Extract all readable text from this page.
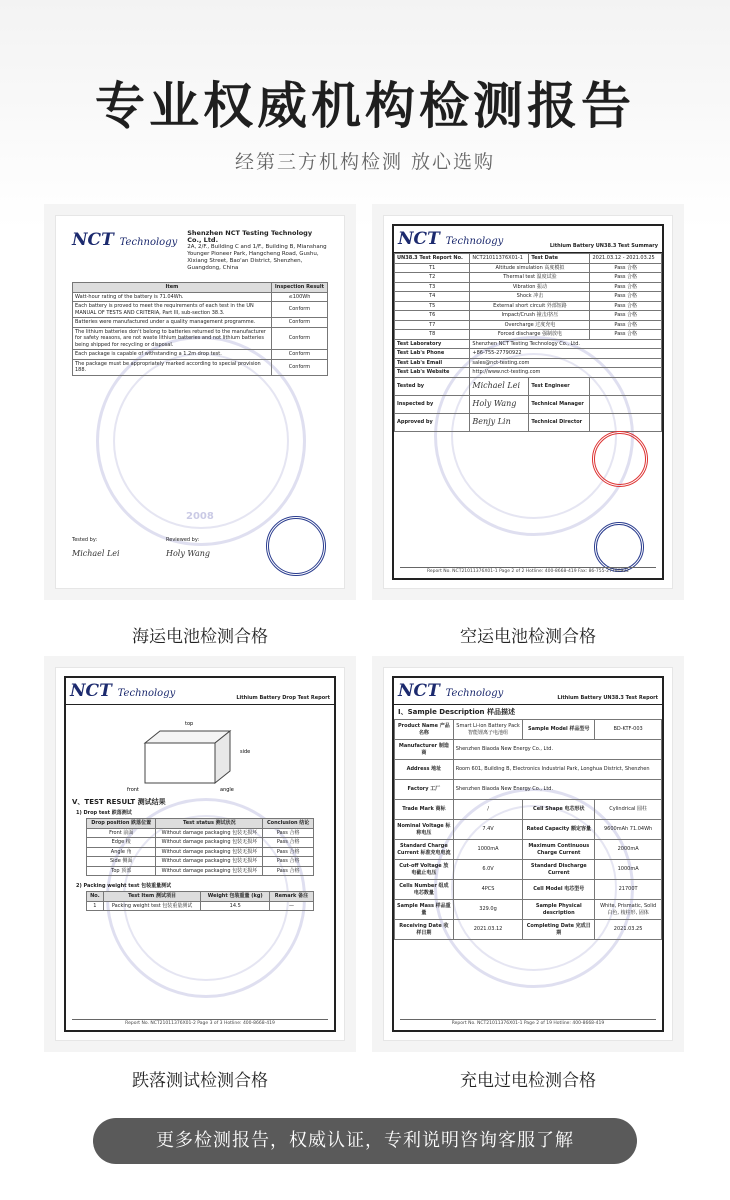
专业权威机构检测报告
经第三方机构检测 放心选购
2008
NCT Technology
Shenzhen NCT Testing Technology Co., Ltd.
2A, 2/F., Building C and 1/F., Building B, Mianshang Younger Pioneer Park, Hangcheng Road, Gushu, Xixiang Street, Bao'an District, Shenzhen, Guangdong, China
Item	Inspection Result
Watt-hour rating of the battery is 71.04Wh.	≤100Wh
Each battery is proved to meet the requirements of each test in the UN MANUAL OF TESTS AND CRITERIA, Part III, sub-section 38.3.	Conform
Batteries were manufactured under a quality management programme.	Conform
The lithium batteries don't belong to batteries returned to the manufacturer for safety reasons, are not waste lithium batteries and not lithium batteries being shipped for recycling or disposal.	Conform
Each package is capable of withstanding a 1.2m drop test.	Conform
The package must be appropriately marked according to special provision 188.	Conform
Tested by:
Michael Lei
Reviewed by:
Holy Wang
海运电池检测合格
NCT Technology	Lithium Battery UN38.3 Test Summary
UN38.3 Test Report No.	NCT21011376X01-1	Test Date	2021.03.12 - 2021.03.25
T1	Altitude simulation 高度模拟		Pass 合格
T2	Thermal test 温度试验		Pass 合格
T3	Vibration 振动		Pass 合格
T4	Shock 冲击		Pass 合格
T5	External short circuit 外部短路		Pass 合格
T6	Impact/Crush 撞击/挤压		Pass 合格
T7	Overcharge 过度充电		Pass 合格
T8	Forced discharge 强制放电		Pass 合格
Test Laboratory	Shenzhen NCT Testing Technology Co., Ltd.		
Test Lab's Phone	+86-755-27790922		
Test Lab's Email	sales@nct-testing.com		
Test Lab's Website	http://www.nct-testing.com		
Tested by	Michael Lei	Test Engineer	
Inspected by	Holy Wang	Technical Manager	
Approved by	Benjy Lin	Technical Director	
Report No. NCT21011376X01-1 Page 2 of 2 Hotline: 400-8668-419 Fax: 86-755-27790922
空运电池检测合格
NCT Technology	Lithium Battery Drop Test Report
top
side
front	angle
V、TEST RESULT 测试结果
1) Drop test 跌落测试
Drop position 跌落位置	Test status 测试状况	Conclusion 结论
Front 前面	Without damage packaging 包装无损坏	Pass 合格
Edge 棱	Without damage packaging 包装无损坏	Pass 合格
Angle 角	Without damage packaging 包装无损坏	Pass 合格
Side 侧面	Without damage packaging 包装无损坏	Pass 合格
Top 顶部	Without damage packaging 包装无损坏	Pass 合格
2) Packing weight test 包装重量测试
No.	Test Item 测试项目	Weight 包装重量 (kg)	Remark 备注
1	Packing weight test 包装重量测试	14.5	—
Report No. NCT21011376X01-2 Page 3 of 3 Hotline: 400-8668-419
跌落测试检测合格
NCT Technology	Lithium Battery UN38.3 Test Report
I、Sample Description 样品描述
Product Name 产品名称	Smart Li-ion Battery Pack 智能锂离子电池组	Sample Model 样品型号	BD-KTF-003
Manufacturer 制造商	Shenzhen Biaoda New Energy Co., Ltd.		
Address 地址	Room 601, Building B, Electronics Industrial Park, Longhua District, Shenzhen		
Factory 工厂	Shenzhen Biaoda New Energy Co., Ltd.		
Trade Mark 商标	/	Cell Shape 电芯形状	Cylindrical 圆柱
Nominal Voltage 标称电压	7.4V	Rated Capacity 额定容量	9600mAh 71.04Wh
Standard Charge Current 标准充电电流	1000mA	Maximum Continuous Charge Current	2000mA
Cut-off Voltage 放电截止电压	6.0V	Standard Discharge Current	1000mA
Cells Number 组成电芯数量	4PCS	Cell Model 电芯型号	21700T
Sample Mass 样品重量	329.0g	Sample Physical description	White, Prismatic, Solid 白色, 棱柱形, 固体
Receiving Date 收样日期	2021.03.12	Completing Date 完成日期	2021.03.25
Report No. NCT21011376X01-1 Page 2 of 19 Hotline: 400-8668-419
充电过电检测合格
更多检测报告，权威认证，专利说明咨询客服了解
